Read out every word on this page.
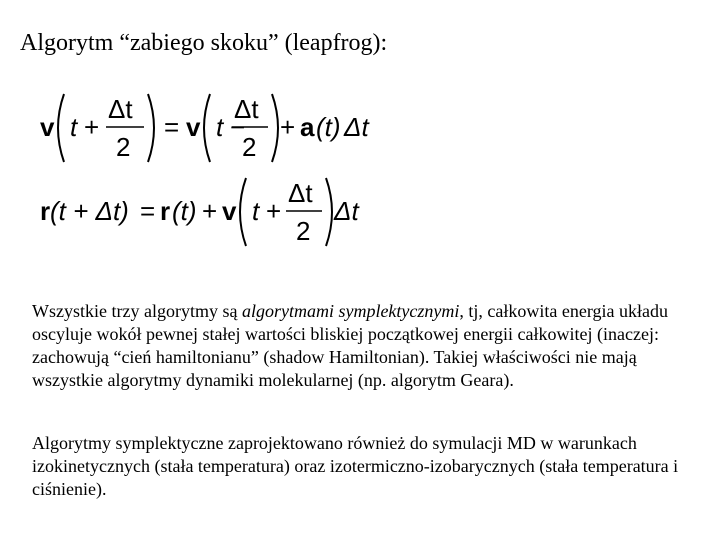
Algorytm “zabiego skoku” (leapfrog):
v t +
Δt
2
= v t −
Δt
2
+ a (t) Δt
r (t + Δt) = r (t) + v t +
Δt
2
Δt

Wszystkie trzy algorytmy są algorytmami symplektycznymi, tj, całkowita energia układu oscyluje wokół pewnej stałej wartości bliskiej początkowej energii całkowitej (inaczej: zachowują “cień hamiltonianu” (shadow Hamiltonian). Takiej właściwości nie mają wszystkie algorytmy dynamiki molekularnej (np. algorytm Geara).

Algorytmy symplektyczne zaprojektowano również do symulacji MD w warunkach izokinetycznych (stała temperatura) oraz izotermiczno-izobarycznych (stała temperatura i ciśnienie).
